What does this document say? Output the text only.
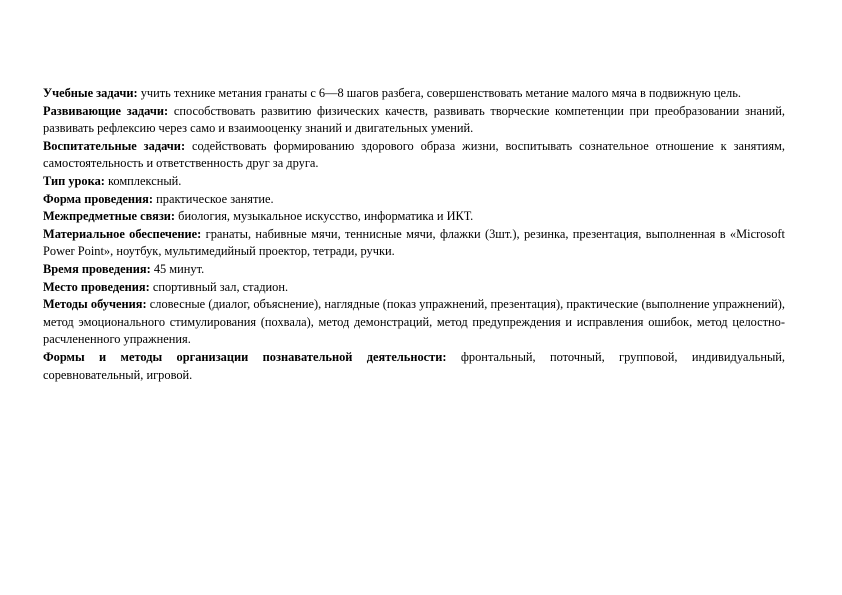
Учебные задачи: учить технике метания гранаты с 6—8 шагов разбега, совершенствовать метание малого мяча в подвижную цель.

Развивающие задачи: способствовать развитию физических качеств, развивать творческие компетенции при преобразовании знаний, развивать рефлексию через само и взаимооценку знаний и двигательных умений.

Воспитательные задачи: содействовать формированию здорового образа жизни, воспитывать сознательное отношение к занятиям, самостоятельность и ответственность друг за друга.

Тип урока: комплексный.

Форма проведения: практическое занятие.

Межпредметные связи: биология, музыкальное искусство, информатика и ИКТ.

Материальное обеспечение: гранаты, набивные мячи, теннисные мячи, флажки (3шт.), резинка, презентация, выполненная в «Microsoft Power Point», ноутбук, мультимедийный проектор, тетради, ручки.

Время проведения: 45 минут.

Место проведения: спортивный зал, стадион.

Методы обучения: словесные (диалог, объяснение), наглядные (показ упражнений, презентация), практические (выполнение упражнений), метод эмоционального стимулирования (похвала), метод демонстраций, метод предупреждения и исправления ошибок, метод целостно-расчлененного упражнения.

Формы и методы организации познавательной деятельности: фронтальный, поточный, групповой, индивидуальный, соревновательный, игровой.
